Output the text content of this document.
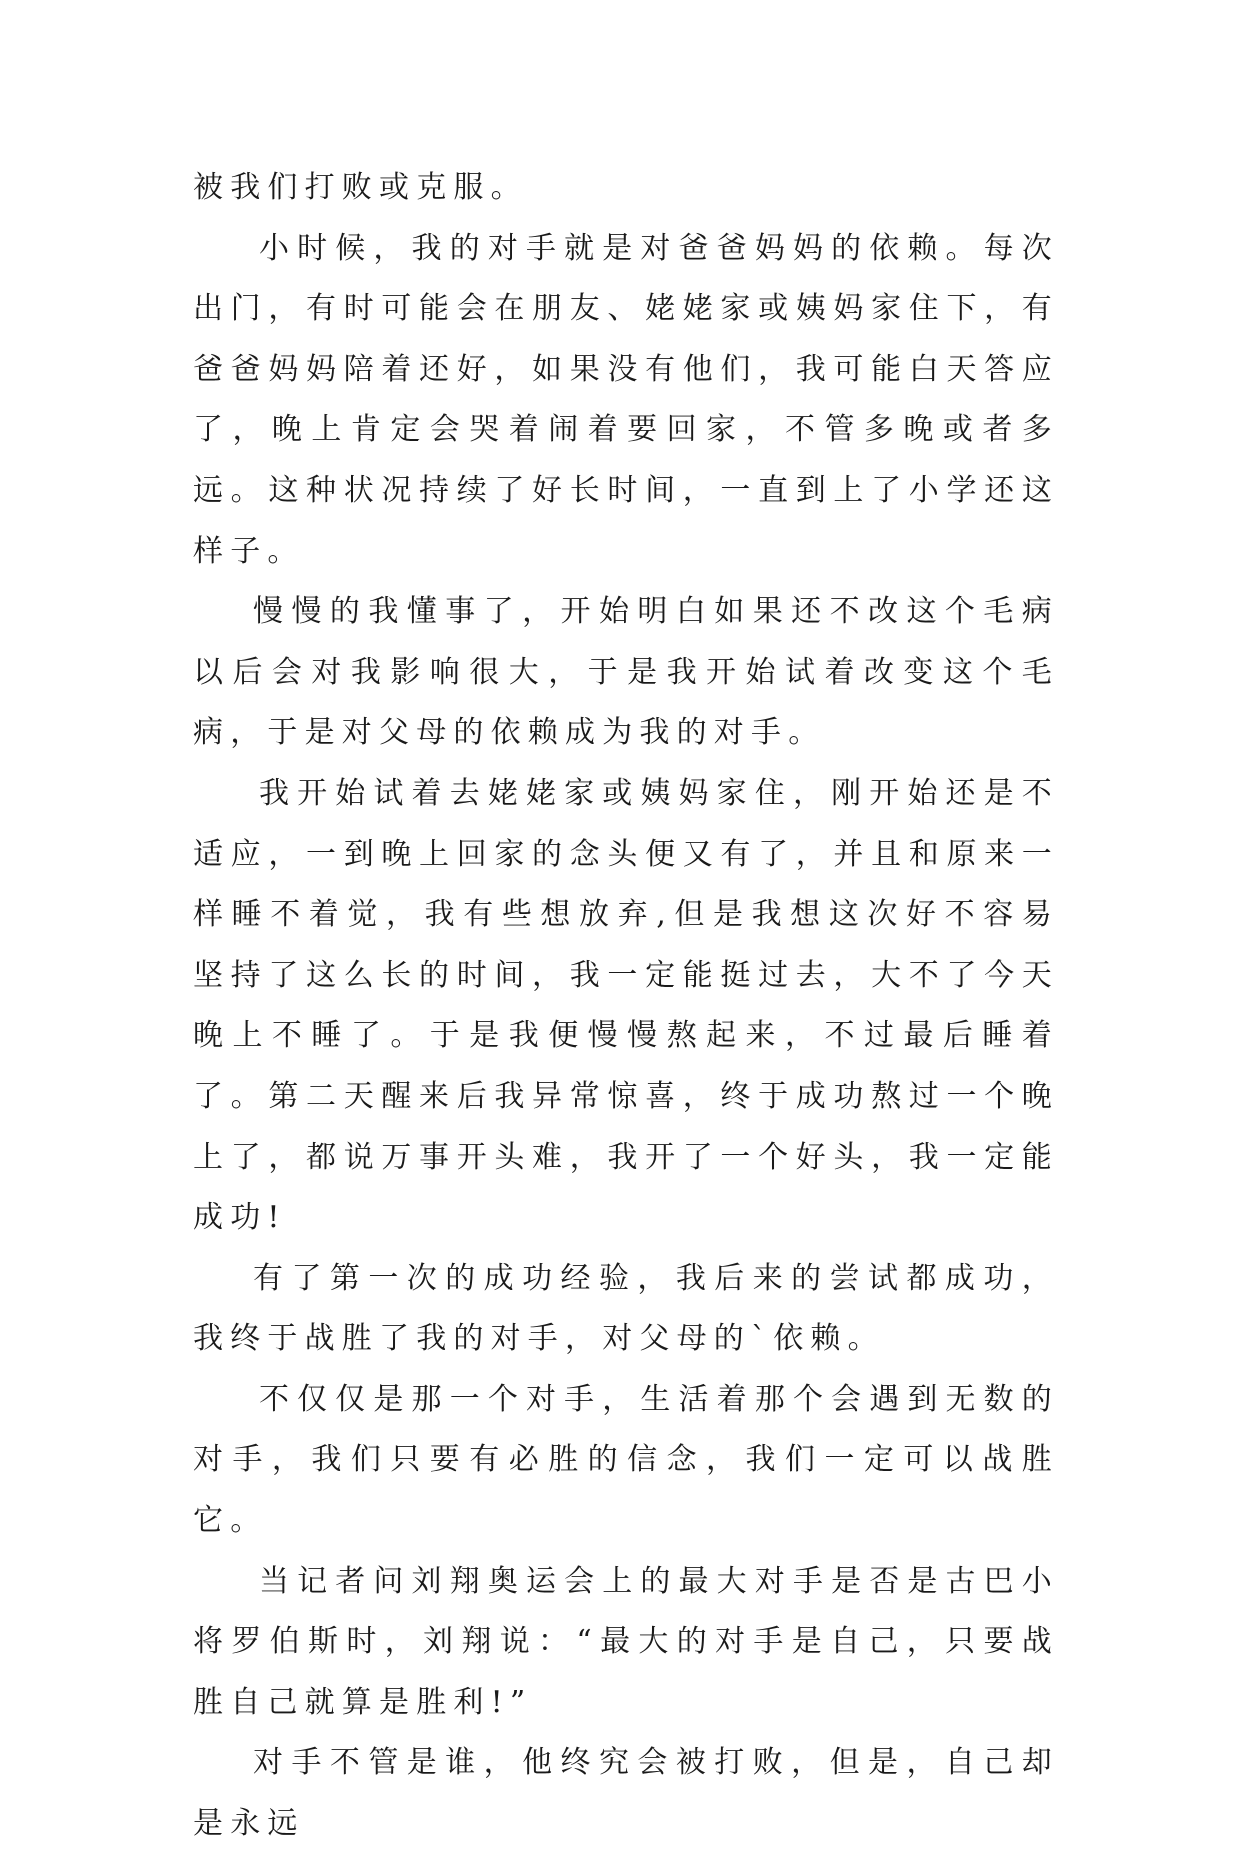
被我们打败或克服。

小时候，我的对手就是对爸爸妈妈的依赖。每次出门，有时可能会在朋友、姥姥家或姨妈家住下，有爸爸妈妈陪着还好，如果没有他们，我可能白天答应了，晚上肯定会哭着闹着要回家，不管多晚或者多远。这种状况持续了好长时间，一直到上了小学还这样子。

慢慢的我懂事了，开始明白如果还不改这个毛病以后会对我影响很大，于是我开始试着改变这个毛病，于是对父母的依赖成为我的对手。

我开始试着去姥姥家或姨妈家住，刚开始还是不适应，一到晚上回家的念头便又有了，并且和原来一样睡不着觉，我有些想放弃,但是我想这次好不容易坚持了这么长的时间，我一定能挺过去，大不了今天晚上不睡了。于是我便慢慢熬起来，不过最后睡着了。第二天醒来后我异常惊喜，终于成功熬过一个晚上了，都说万事开头难，我开了一个好头，我一定能成功!

有了第一次的成功经验，我后来的尝试都成功，我终于战胜了我的对手，对父母的`依赖。

不仅仅是那一个对手，生活着那个会遇到无数的对手，我们只要有必胜的信念，我们一定可以战胜它。

当记者问刘翔奥运会上的最大对手是否是古巴小将罗伯斯时，刘翔说：“最大的对手是自己，只要战胜自己就算是胜利!”

对手不管是谁，他终究会被打败，但是，自己却是永远
